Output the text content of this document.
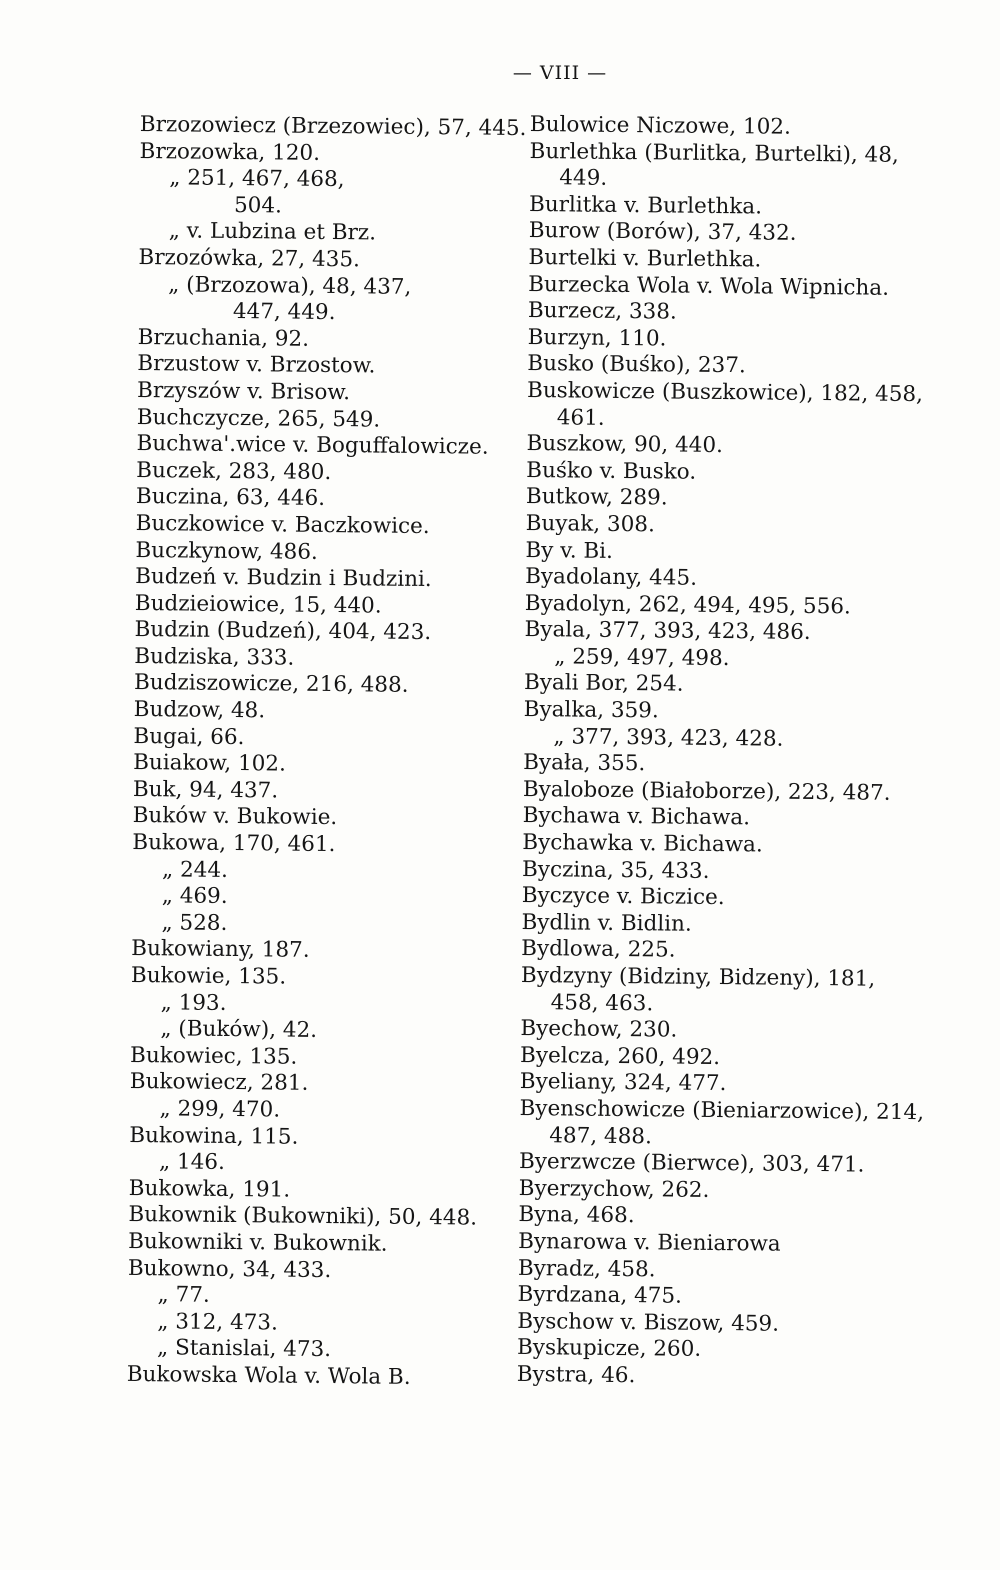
— VIII —
Brzozowiecz (Brzezowiec), 57, 445.
Brzozowka, 120.
„ 251, 467, 468,
504.
„ v. Lubzina et Brz.
Brzozówka, 27, 435.
„ (Brzozowa), 48, 437,
447, 449.
Brzuchania, 92.
Brzustow v. Brzostow.
Brzyszów v. Brisow.
Buchczycze, 265, 549.
Buchwa'.wice v. Boguffalowicze.
Buczek, 283, 480.
Buczina, 63, 446.
Buczkowice v. Baczkowice.
Buczkynow, 486.
Budzeń v. Budzin i Budzini.
Budzieiowice, 15, 440.
Budzin (Budzeń), 404, 423.
Budziska, 333.
Budziszowicze, 216, 488.
Budzow, 48.
Bugai, 66.
Buiakow, 102.
Buk, 94, 437.
Buków v. Bukowie.
Bukowa, 170, 461.
„ 244.
„ 469.
„ 528.
Bukowiany, 187.
Bukowie, 135.
„ 193.
„ (Buków), 42.
Bukowiec, 135.
Bukowiecz, 281.
„ 299, 470.
Bukowina, 115.
„ 146.
Bukowka, 191.
Bukownik (Bukowniki), 50, 448.
Bukowniki v. Bukownik.
Bukowno, 34, 433.
„ 77.
„ 312, 473.
„ Stanislai, 473.
Bukowska Wola v. Wola B.
Bulowice Niczowe, 102.
Burlethka (Burlitka, Burtelki), 48,
449.
Burlitka v. Burlethka.
Burow (Borów), 37, 432.
Burtelki v. Burlethka.
Burzecka Wola v. Wola Wipnicha.
Burzecz, 338.
Burzyn, 110.
Busko (Buśko), 237.
Buskowicze (Buszkowice), 182, 458,
461.
Buszkow, 90, 440.
Buśko v. Busko.
Butkow, 289.
Buyak, 308.
By v. Bi.
Byadolany, 445.
Byadolyn, 262, 494, 495, 556.
Byala, 377, 393, 423, 486.
„ 259, 497, 498.
Byali Bor, 254.
Byalka, 359.
„ 377, 393, 423, 428.
Byała, 355.
Byaloboze (Białoborze), 223, 487.
Bychawa v. Bichawa.
Bychawka v. Bichawa.
Byczina, 35, 433.
Byczyce v. Biczice.
Bydlin v. Bidlin.
Bydlowa, 225.
Bydzyny (Bidziny, Bidzeny), 181,
458, 463.
Byechow, 230.
Byelcza, 260, 492.
Byeliany, 324, 477.
Byenschowicze (Bieniarzowice), 214,
487, 488.
Byerzwcze (Bierwce), 303, 471.
Byerzychow, 262.
Byna, 468.
Bynarowa v. Bieniarowa
Byradz, 458.
Byrdzana, 475.
Byschow v. Biszow, 459.
Byskupicze, 260.
Bystra, 46.
